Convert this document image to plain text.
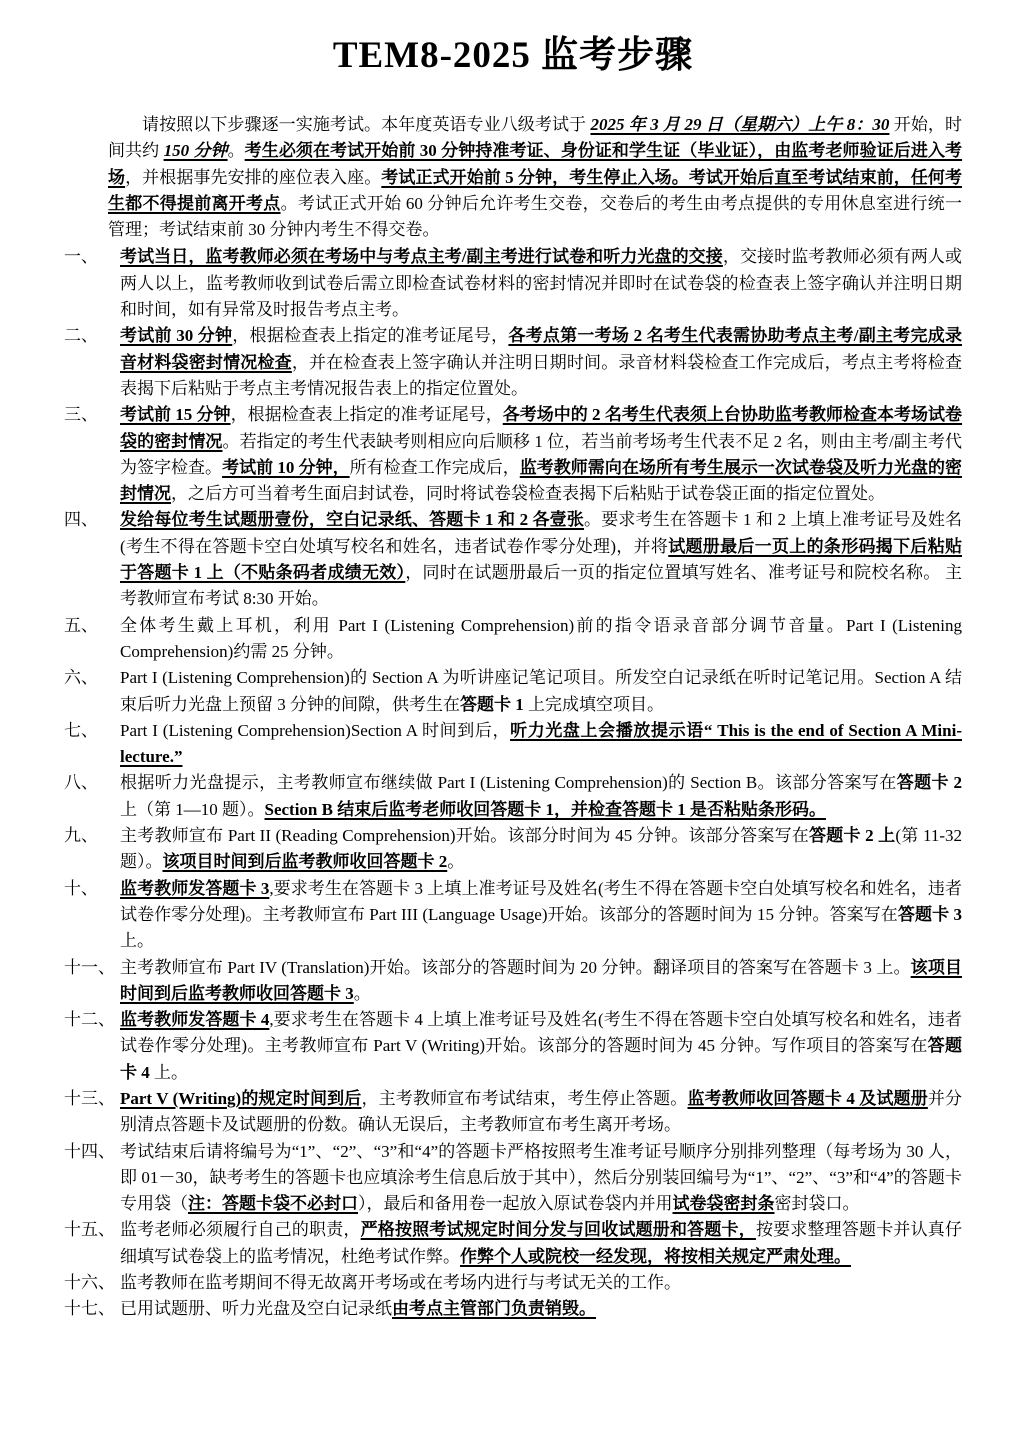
TEM8-2025 监考步骤

请按照以下步骤逐一实施考试。本年度英语专业八级考试于 2025 年 3 月 29 日（星期六）上午 8：30 开始，时间共约 150 分钟。考生必须在考试开始前 30 分钟持准考证、身份证和学生证（毕业证），由监考老师验证后进入考场，并根据事先安排的座位表入座。考试正式开始前 5 分钟，考生停止入场。考试开始后直至考试结束前，任何考生都不得提前离开考点。考试正式开始 60 分钟后允许考生交卷，交卷后的考生由考点提供的专用休息室进行统一管理；考试结束前 30 分钟内考生不得交卷。

一、	考试当日，监考教师必须在考场中与考点主考/副主考进行试卷和听力光盘的交接，交接时监考教师必须有两人或两人以上，监考教师收到试卷后需立即检查试卷材料的密封情况并即时在试卷袋的检查表上签字确认并注明日期和时间，如有异常及时报告考点主考。
二、	考试前 30 分钟，根据检查表上指定的准考证尾号，各考点第一考场 2 名考生代表需协助考点主考/副主考完成录音材料袋密封情况检查，并在检查表上签字确认并注明日期时间。录音材料袋检查工作完成后，考点主考将检查表揭下后粘贴于考点主考情况报告表上的指定位置处。
三、	考试前 15 分钟，根据检查表上指定的准考证尾号，各考场中的 2 名考生代表须上台协助监考教师检查本考场试卷袋的密封情况。若指定的考生代表缺考则相应向后顺移 1 位，若当前考场考生代表不足 2 名，则由主考/副主考代为签字检查。考试前 10 分钟，所有检查工作完成后，监考教师需向在场所有考生展示一次试卷袋及听力光盘的密封情况，之后方可当着考生面启封试卷，同时将试卷袋检查表揭下后粘贴于试卷袋正面的指定位置处。
四、	发给每位考生试题册壹份，空白记录纸、答题卡 1 和 2 各壹张。要求考生在答题卡 1 和 2 上填上准考证号及姓名(考生不得在答题卡空白处填写校名和姓名，违者试卷作零分处理)，并将试题册最后一页上的条形码揭下后粘贴于答题卡 1 上（不贴条码者成绩无效），同时在试题册最后一页的指定位置填写姓名、准考证号和院校名称。 主考教师宣布考试 8:30 开始。
五、	全体考生戴上耳机，利用 Part I (Listening Comprehension)前的指令语录音部分调节音量。Part I (Listening Comprehension)约需 25 分钟。
六、	Part I (Listening Comprehension)的 Section A 为听讲座记笔记项目。所发空白记录纸在听时记笔记用。Section A 结束后听力光盘上预留 3 分钟的间隙，供考生在答题卡 1 上完成填空项目。
七、	Part I (Listening Comprehension)Section A 时间到后，听力光盘上会播放提示语“ This is the end of Section A Mini-lecture.”
八、	根据听力光盘提示，主考教师宣布继续做 Part I (Listening Comprehension)的 Section B。该部分答案写在答题卡 2 上（第 1—10 题）。Section B 结束后监考老师收回答题卡 1，并检查答题卡 1 是否粘贴条形码。
九、	主考教师宣布 Part II (Reading Comprehension)开始。该部分时间为 45 分钟。该部分答案写在答题卡 2 上(第 11-32 题）。该项目时间到后监考教师收回答题卡 2。
十、	监考教师发答题卡 3,要求考生在答题卡 3 上填上准考证号及姓名(考生不得在答题卡空白处填写校名和姓名，违者试卷作零分处理)。主考教师宣布 Part III (Language Usage)开始。该部分的答题时间为 15 分钟。答案写在答题卡 3 上。
十一、 主考教师宣布 Part IV (Translation)开始。该部分的答题时间为 20 分钟。翻译项目的答案写在答题卡 3 上。该项目时间到后监考教师收回答题卡 3。
十二、 监考教师发答题卡 4,要求考生在答题卡 4 上填上准考证号及姓名(考生不得在答题卡空白处填写校名和姓名，违者试卷作零分处理)。主考教师宣布 Part V (Writing)开始。该部分的答题时间为 45 分钟。写作项目的答案写在答题卡 4 上。
十三、 Part V (Writing)的规定时间到后，主考教师宣布考试结束，考生停止答题。监考教师收回答题卡 4 及试题册并分别清点答题卡及试题册的份数。确认无误后，主考教师宣布考生离开考场。
十四、 考试结束后请将编号为“1”、“2”、“3”和“4”的答题卡严格按照考生准考证号顺序分别排列整理（每考场为 30 人，即 01－30，缺考考生的答题卡也应填涂考生信息后放于其中），然后分别装回编号为“1”、“2”、“3”和“4”的答题卡专用袋（注：答题卡袋不必封口），最后和备用卷一起放入原试卷袋内并用试卷袋密封条密封袋口。
十五、 监考老师必须履行自己的职责，严格按照考试规定时间分发与回收试题册和答题卡，按要求整理答题卡并认真仔细填写试卷袋上的监考情况，杜绝考试作弊。作弊个人或院校一经发现，将按相关规定严肃处理。
十六、 监考教师在监考期间不得无故离开考场或在考场内进行与考试无关的工作。
十七、 已用试题册、听力光盘及空白记录纸由考点主管部门负责销毁。
